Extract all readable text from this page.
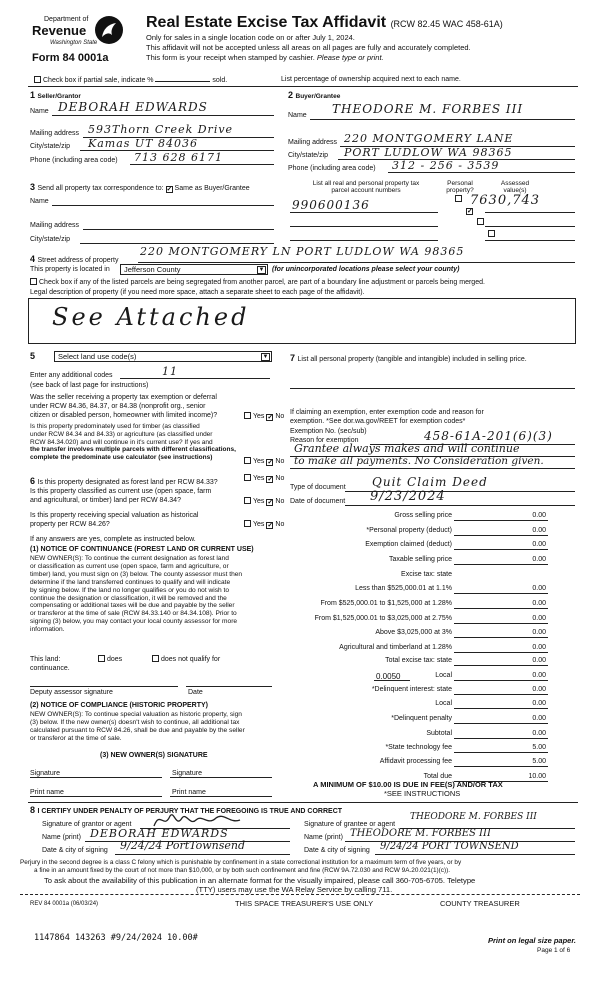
Department of
Revenue
Washington State
Form 84 0001a
Real Estate Excise Tax Affidavit (RCW 82.45 WAC 458-61A)
Only for sales in a single location code on or after July 1, 2024.
This affidavit will not be accepted unless all areas on all pages are fully and accurately completed.
This form is your receipt when stamped by cashier. Please type or print.
Check box if partial sale, indicate %	sold.	List percentage of ownership acquired next to each name.
1 Seller/Grantor
Name DEBORAH EDWARDS
Mailing address 593Thorn Creek Drive
City/state/zip Kamas UT 84036
Phone (including area code) 713 628 6171
2 Buyer/Grantee
Name THEODORE M. FORBES III
Mailing address 220 MONTGOMERY LANE
City/state/zip PORT LUDLOW WA 98365
Phone (including area code) 312 - 256 - 3539
3 Send all property tax correspondence to: ✓ Same as Buyer/Grantee
Name
Mailing address
City/state/zip
List all real and personal property tax
parcel account numbers
Personal
property?
Assessed
value(s)
990600136	✓
7630,743
4 Street address of property
220 MONTGOMERY LN PORT LUDLOW WA 98365
This property is located in	Jefferson County	▼ (for unincorporated locations please select your county)
Check box if any of the listed parcels are being segregated from another parcel, are part of a boundary line adjustment or parcels being merged.
Legal description of property (if you need more space, attach a separate sheet to each page of the affidavit).
See Attached
5	Select land use code(s)	▼
Enter any additional codes	11
(see back of last page for instructions)
Was the seller receiving a property tax exemption or deferral
under RCW 84.36, 84.37, or 84.38 (nonprofit org., senior
citizen or disabled person, homeowner with limited income)?	Yes ✓ No
Is this property predominately used for timber (as classified
under RCW 84.34 and 84.33) or agriculture (as classified under
RCW 84.34.020) and will continue in it's current use? If yes and
the transfer involves multiple parcels with different classifications,
complete the predominate use calculator (see instructions)
Yes ✓ No
6 Is this property designated as forest land per RCW 84.33?
Yes ✓ No
Is this property classified as current use (open space, farm
and agricultural, or timber) land per RCW 84.34?	Yes ✓ No
Is this property receiving special valuation as historical
property per RCW 84.26?	Yes ✓ No
If any answers are yes, complete as instructed below.
(1) NOTICE OF CONTINUANCE (FOREST LAND OR CURRENT USE)
NEW OWNER(S): To continue the current designation as forest land
or classification as current use (open space, farm and agriculture, or
timber) land, you must sign on (3) below. The county assessor must then
determine if the land transferred continues to qualify and will indicate
by signing below. If the land no longer qualifies or you do not wish to
continue the designation or classification, it will be removed and the
compensating or additional taxes will be due and payable by the seller
or transferor at the time of sale (RCW 84.33.140 or 84.34.108). Prior to
signing (3) below, you may contact your local county assessor for more
information.
This land:	does	does not qualify for
continuance.
Deputy assessor signature	Date
(2) NOTICE OF COMPLIANCE (HISTORIC PROPERTY)
NEW OWNER(S): To continue special valuation as historic property, sign
(3) below. If the new owner(s) doesn't wish to continue, all additional tax
calculated pursuant to RCW 84.26, shall be due and payable by the seller
or transferor at the time of sale.
(3) NEW OWNER(S) SIGNATURE
Signature	Signature
Print name	Print name
7 List all personal property (tangible and intangible) included in selling price.
If claiming an exemption, enter exemption code and reason for
exemption. *See dor.wa.gov/REET for exemption codes*
Exemption No. (sec/sub)
Reason for exemption	458-61A-201(6)(3)
Grantee always makes and will continue
to make all payments. No Consideration given.
Type of document Quit Claim Deed
Date of document 9/23/2024
Gross selling price	0.00
*Personal property (deduct)	0.00
Exemption claimed (deduct)	0.00
Taxable selling price	0.00
Excise tax: state
Less than $525,000.01 at 1.1%	0.00
From $525,000.01 to $1,525,000 at 1.28%	0.00
From $1,525,000.01 to $3,025,000 at 2.75%	0.00
Above $3,025,000 at 3%	0.00
Agricultural and timberland at 1.28%	0.00
Total excise tax: state	0.00
Local	0.00
*Delinquent interest: state	0.00
Local	0.00
*Delinquent penalty	0.00
Subtotal	0.00
*State technology fee	5.00
Affidavit processing fee	5.00
Total due	10.00
0.0050
A MINIMUM OF $10.00 IS DUE IN FEE(S) AND/OR TAX
*SEE INSTRUCTIONS
8 I CERTIFY UNDER PENALTY OF PERJURY THAT THE FOREGOING IS TRUE AND CORRECT
Signature of grantor or agent
Name (print) DEBORAH EDWARDS
Date & city of signing 9/24/24 PortTownsend
Signature of grantee or agent
THEODORE M. FORBES III
Name (print) THEODORE M. FORBES III
Date & city of signing 9/24/24 PORT TOWNSEND
Perjury in the second degree is a class C felony which is punishable by confinement in a state correctional institution for a maximum term of five years, or by
a fine in an amount fixed by the court of not more than $10,000, or by both such confinement and fine (RCW 9A.72.030 and RCW 9A.20.021(1)(c)).
To ask about the availability of this publication in an alternate format for the visually impaired, please call 360-705-6705. Teletype
(TTY) users may use the WA Relay Service by calling 711.
REV 84 0001a (06/03/24)	THIS SPACE TREASURER'S USE ONLY	COUNTY TREASURER
1147864 143263 #9/24/2024 10.00#	Print on legal size paper.
Page 1 of 6
